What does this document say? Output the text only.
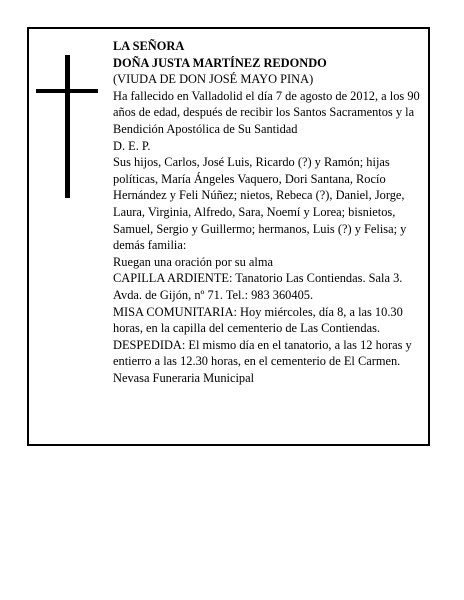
LA SEÑORA

DOÑA JUSTA MARTÍNEZ REDONDO

(VIUDA DE DON JOSÉ MAYO PINA)

Ha fallecido en Valladolid el día 7 de agosto de 2012, a los 90 años de edad, después de recibir los Santos Sacramentos y la Bendición Apostólica de Su Santidad

D. E. P.

Sus hijos, Carlos, José Luis, Ricardo (?) y Ramón; hijas políticas, María Ángeles Vaquero, Dori Santana, Rocío Hernández y Feli Núñez; nietos, Rebeca (?), Daniel, Jorge, Laura, Virginia, Alfredo, Sara, Noemí y Lorea; bisnietos, Samuel, Sergio y Guillermo; hermanos, Luis (?) y Felisa; y demás familia:

Ruegan una oración por su alma

CAPILLA ARDIENTE: Tanatorio Las Contiendas. Sala 3. Avda. de Gijón, nº 71. Tel.: 983 360405.

MISA COMUNITARIA: Hoy miércoles, día 8, a las 10.30 horas, en la capilla del cementerio de Las Contiendas.

DESPEDIDA: El mismo día en el tanatorio, a las 12 horas y entierro a las 12.30 horas, en el cementerio de El Carmen.

Nevasa Funeraria Municipal
